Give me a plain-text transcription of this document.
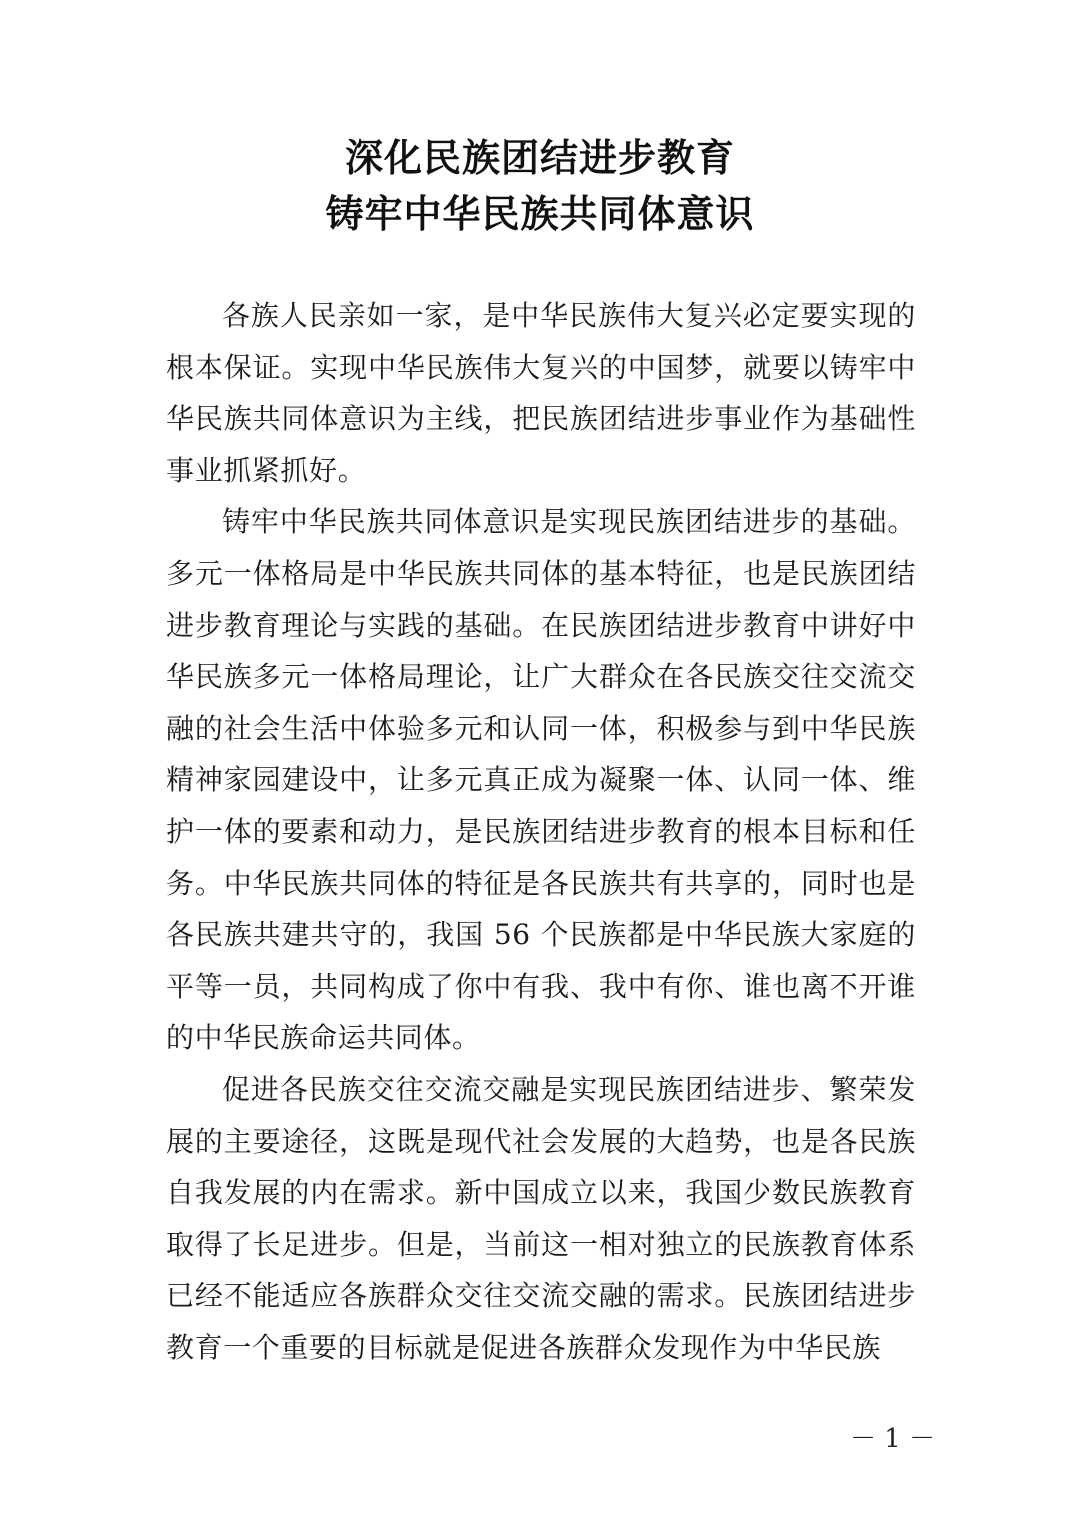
深化民族团结进步教育
铸牢中华民族共同体意识

各族人民亲如一家，是中华民族伟大复兴必定要实现的根本保证。实现中华民族伟大复兴的中国梦，就要以铸牢中华民族共同体意识为主线，把民族团结进步事业作为基础性事业抓紧抓好。

铸牢中华民族共同体意识是实现民族团结进步的基础。多元一体格局是中华民族共同体的基本特征，也是民族团结进步教育理论与实践的基础。在民族团结进步教育中讲好中华民族多元一体格局理论，让广大群众在各民族交往交流交融的社会生活中体验多元和认同一体，积极参与到中华民族精神家园建设中，让多元真正成为凝聚一体、认同一体、维护一体的要素和动力，是民族团结进步教育的根本目标和任务。中华民族共同体的特征是各民族共有共享的，同时也是各民族共建共守的，我国 56 个民族都是中华民族大家庭的平等一员，共同构成了你中有我、我中有你、谁也离不开谁的中华民族命运共同体。

促进各民族交往交流交融是实现民族团结进步、繁荣发展的主要途径，这既是现代社会发展的大趋势，也是各民族自我发展的内在需求。新中国成立以来，我国少数民族教育取得了长足进步。但是，当前这一相对独立的民族教育体系已经不能适应各族群众交往交流交融的需求。民族团结进步教育一个重要的目标就是促进各族群众发现作为中华民族

－ 1 －
